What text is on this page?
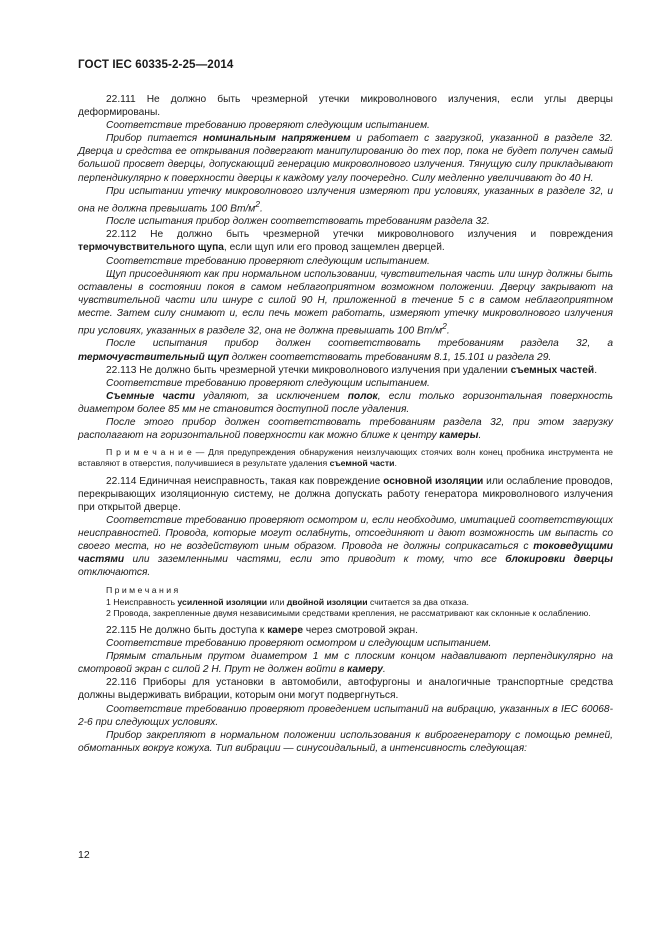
ГОСТ IEC 60335-2-25—2014

22.111 Не должно быть чрезмерной утечки микроволнового излучения, если углы дверцы деформированы.

Соответствие требованию проверяют следующим испытанием.

Прибор питается номинальным напряжением и работает с загрузкой, указанной в разделе 32. Дверца и средства ее открывания подвергают манипулированию до тех пор, пока не будет получен самый большой просвет дверцы, допускающий генерацию микроволнового излучения. Тянущую силу прикладывают перпендикулярно к поверхности дверцы к каждому углу поочередно. Силу медленно увеличивают до 40 Н.

При испытании утечку микроволнового излучения измеряют при условиях, указанных в разделе 32, и она не должна превышать 100 $Вт/м^2$.

После испытания прибор должен соответствовать требованиям раздела 32.

22.112 Не должно быть чрезмерной утечки микроволнового излучения и повреждения термочувствительного щупа, если щуп или его провод защемлен дверцей.

Соответствие требованию проверяют следующим испытанием.

Щуп присоединяют как при нормальном использовании, чувствительная часть или шнур должны быть оставлены в состоянии покоя в самом неблагоприятном возможном положении. Дверцу закрывают на чувствительной части или шнуре с силой 90 Н, приложенной в течение 5 с в самом неблагоприятном месте. Затем силу снимают и, если печь может работать, измеряют утечку микроволнового излучения при условиях, указанных в разделе 32, она не должна превышать 100 $Вт/м^2$.

После испытания прибор должен соответствовать требованиям раздела 32, а термочувствительный щуп должен соответствовать требованиям 8.1, 15.101 и раздела 29.

22.113 Не должно быть чрезмерной утечки микроволнового излучения при удалении съемных частей.

Соответствие требованию проверяют следующим испытанием.

Съемные части удаляют, за исключением полок, если только горизонтальная поверхность диаметром более 85 мм не становится доступной после удаления.

После этого прибор должен соответствовать требованиям раздела 32, при этом загрузку располагают на горизонтальной поверхности как можно ближе к центру камеры.

П р и м е ч а н и е — Для предупреждения обнаружения неизлучающих стоячих волн конец пробника инструмента не вставляют в отверстия, получившиеся в результате удаления съемной части.

22.114 Единичная неисправность, такая как повреждение основной изоляции или ослабление проводов, перекрывающих изоляционную систему, не должна допускать работу генератора микроволнового излучения при открытой дверце.

Соответствие требованию проверяют осмотром и, если необходимо, имитацией соответствующих неисправностей. Провода, которые могут ослабнуть, отсоединяют и дают возможность им выпасть со своего места, но не воздействуют иным образом. Провода не должны соприкасаться с токоведущими частями или заземленными частями, если это приводит к тому, что все блокировки дверцы отключаются.

П р и м е ч а н и я

1 Неисправность усиленной изоляции или двойной изоляции считается за два отказа.

2 Провода, закрепленные двумя независимыми средствами крепления, не рассматривают как склонные к ослаблению.

22.115 Не должно быть доступа к камере через смотровой экран.

Соответствие требованию проверяют осмотром и следующим испытанием.

Прямым стальным прутом диаметром 1 мм с плоским концом надавливают перпендикулярно на смотровой экран с силой 2 Н. Прут не должен войти в камеру.

22.116 Приборы для установки в автомобили, автофургоны и аналогичные транспортные средства должны выдерживать вибрации, которым они могут подвергнуться.

Соответствие требованию проверяют проведением испытаний на вибрацию, указанных в IEC 60068-2-6 при следующих условиях.

Прибор закрепляют в нормальном положении использования к виброгенератору с помощью ремней, обмотанных вокруг кожуха. Тип вибрации — синусоидальный, а интенсивность следующая:

12
